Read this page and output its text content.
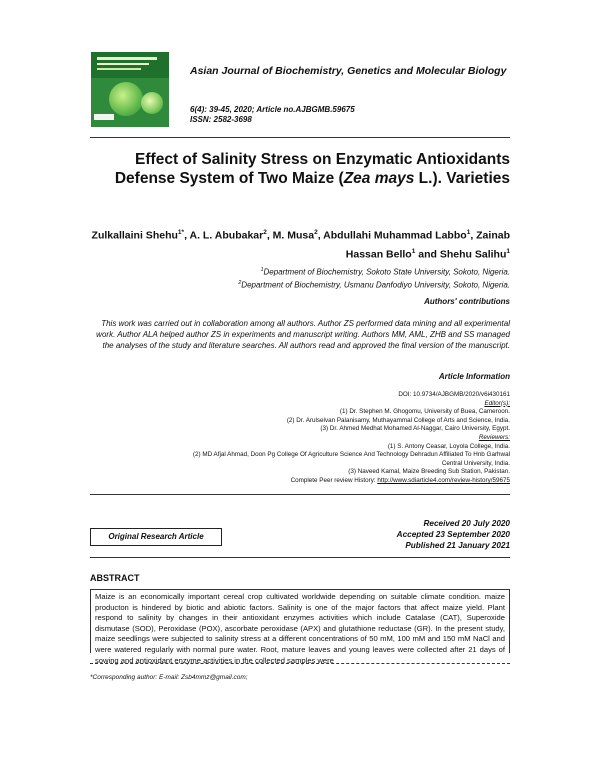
Asian Journal of Biochemistry, Genetics and Molecular Biology
6(4): 39-45, 2020; Article no.AJBGMB.59675
ISSN: 2582-3698
Effect of Salinity Stress on Enzymatic Antioxidants Defense System of Two Maize (Zea mays L.). Varieties
Zulkallaini Shehu$^{1*}$, A. L. Abubakar$^2$, M. Musa$^2$, Abdullahi Muhammad Labbo$^1$, Zainab Hassan Bello$^1$ and Shehu Salihu$^1$
$^1$Department of Biochemistry, Sokoto State University, Sokoto, Nigeria.
$^2$Department of Biochemistry, Usmanu Danfodiyo University, Sokoto, Nigeria.
Authors' contributions
This work was carried out in collaboration among all authors. Author ZS performed data mining and all experimental work. Author ALA helped author ZS in experiments and manuscript writing. Authors MM, AML, ZHB and SS managed the analyses of the study and literature searches. All authors read and approved the final version of the manuscript.
Article Information
DOI: 10.9734/AJBGMB/2020/v6i430161
Editor(s):
(1) Dr. Stephen M. Ghogomu, University of Buea, Cameroon.
(2) Dr. Arulselvan Palanisamy, Muthayammal College of Arts and Science, India.
(3) Dr. Ahmed Medhat Mohamed Al-Naggar, Cairo University, Egypt.
Reviewers:
(1) S. Antony Ceasar, Loyola College, India.
(2) MD Afjal Ahmad, Doon Pg College Of Agriculture Science And Technology Dehradun Affiliated To Hnb Garhwal Central University, India.
(3) Naveed Kamal, Maize Breeding Sub Station, Pakistan.
Complete Peer review History: http://www.sdiarticle4.com/review-history/59675
Original Research Article
Received 20 July 2020
Accepted 23 September 2020
Published 21 January 2021
ABSTRACT
Maize is an economically important cereal crop cultivated worldwide depending on suitable climate condition. maize producton is hindered by biotic and abiotic factors. Salinity is one of the major factors that affect maize yield. Plant respond to salinity by changes in their antioxidant enzymes activities which include Catalase (CAT), Superoxide dismutase (SOD), Peroxidase (POX), ascorbate peroxidase (APX) and glutathione reductase (GR). In the present study, maize seedlings were subjected to salinity stress at a different concentrations of 50 mM, 100 mM and 150 mM NaCl and were watered regularly with normal pure water. Root, mature leaves and young leaves were collected after 21 days of sowing and antioxidant enzyme activities in the collected samples were
*Corresponding author: E-mail: Zsb4mmz@gmail.com;
